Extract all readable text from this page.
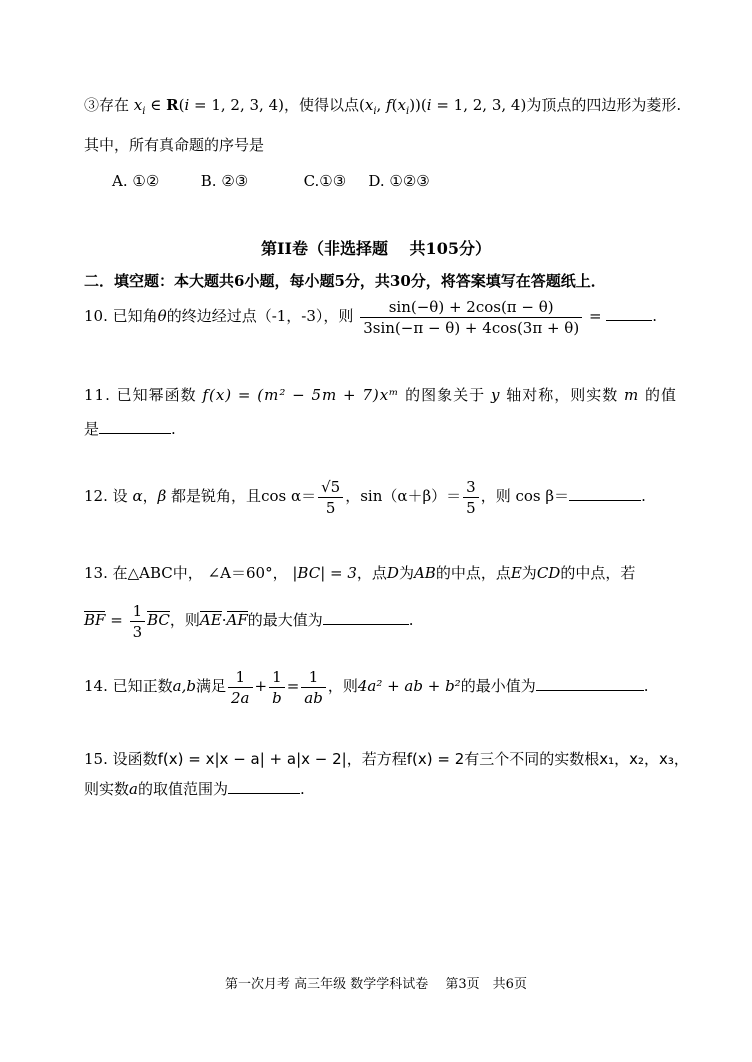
③存在 $x_i$ ∈ R(i = 1, 2, 3, 4)，使得以点($x_i$, $f(x_i))(i = 1$, 2, 3, 4)为顶点的四边形为菱形.
其中，所有真命题的序号是
A. ①②	B. ②③	C.①③ D. ①②③
第II卷（非选择题　 共105分）
二．填空题：本大题共6小题，每小题5分，共30分，将答案填写在答题纸上．
10. 已知角θ的终边经过点（-1，-3），则 $\frac{\sin(-\theta) + 2\cos(\pi - \theta)}{3\sin(-\pi - \theta) + 4\cos(3\pi + \theta)}$ =	.
11. 已知幂函数 f(x) = (m² − 5m + 7)xᵐ 的图象关于 y 轴对称，则实数 m 的值
是	.
12. 设 α，β 都是锐角，且$\cos \alpha= \frac{√5}{5}$ ，$\sin(\alpha+\beta)= \frac{3}{5}$ ，则 cos β＝	.
13. 在△ABC中， ∠A＝60°， |BC| = 3，点D为AB的中点，点E为CD的中点，若
BF = $\frac{1}{3}$ BC，则AE·AF的最大值为	.
14. 已知正数a,b满足 $\frac{1}{2a} + \frac{1}{b} = \frac{1}{ab}$ ，则4a² + ab + b²的最小值为	.
15. 设函数f(x) = x|x − a| + a|x − 2|，若方程f(x) = 2有三个不同的实数根x₁，x₂，x₃，
则实数a的取值范围为	.
第一次月考 高三年级 数学学科试卷　 第3页　共6页
